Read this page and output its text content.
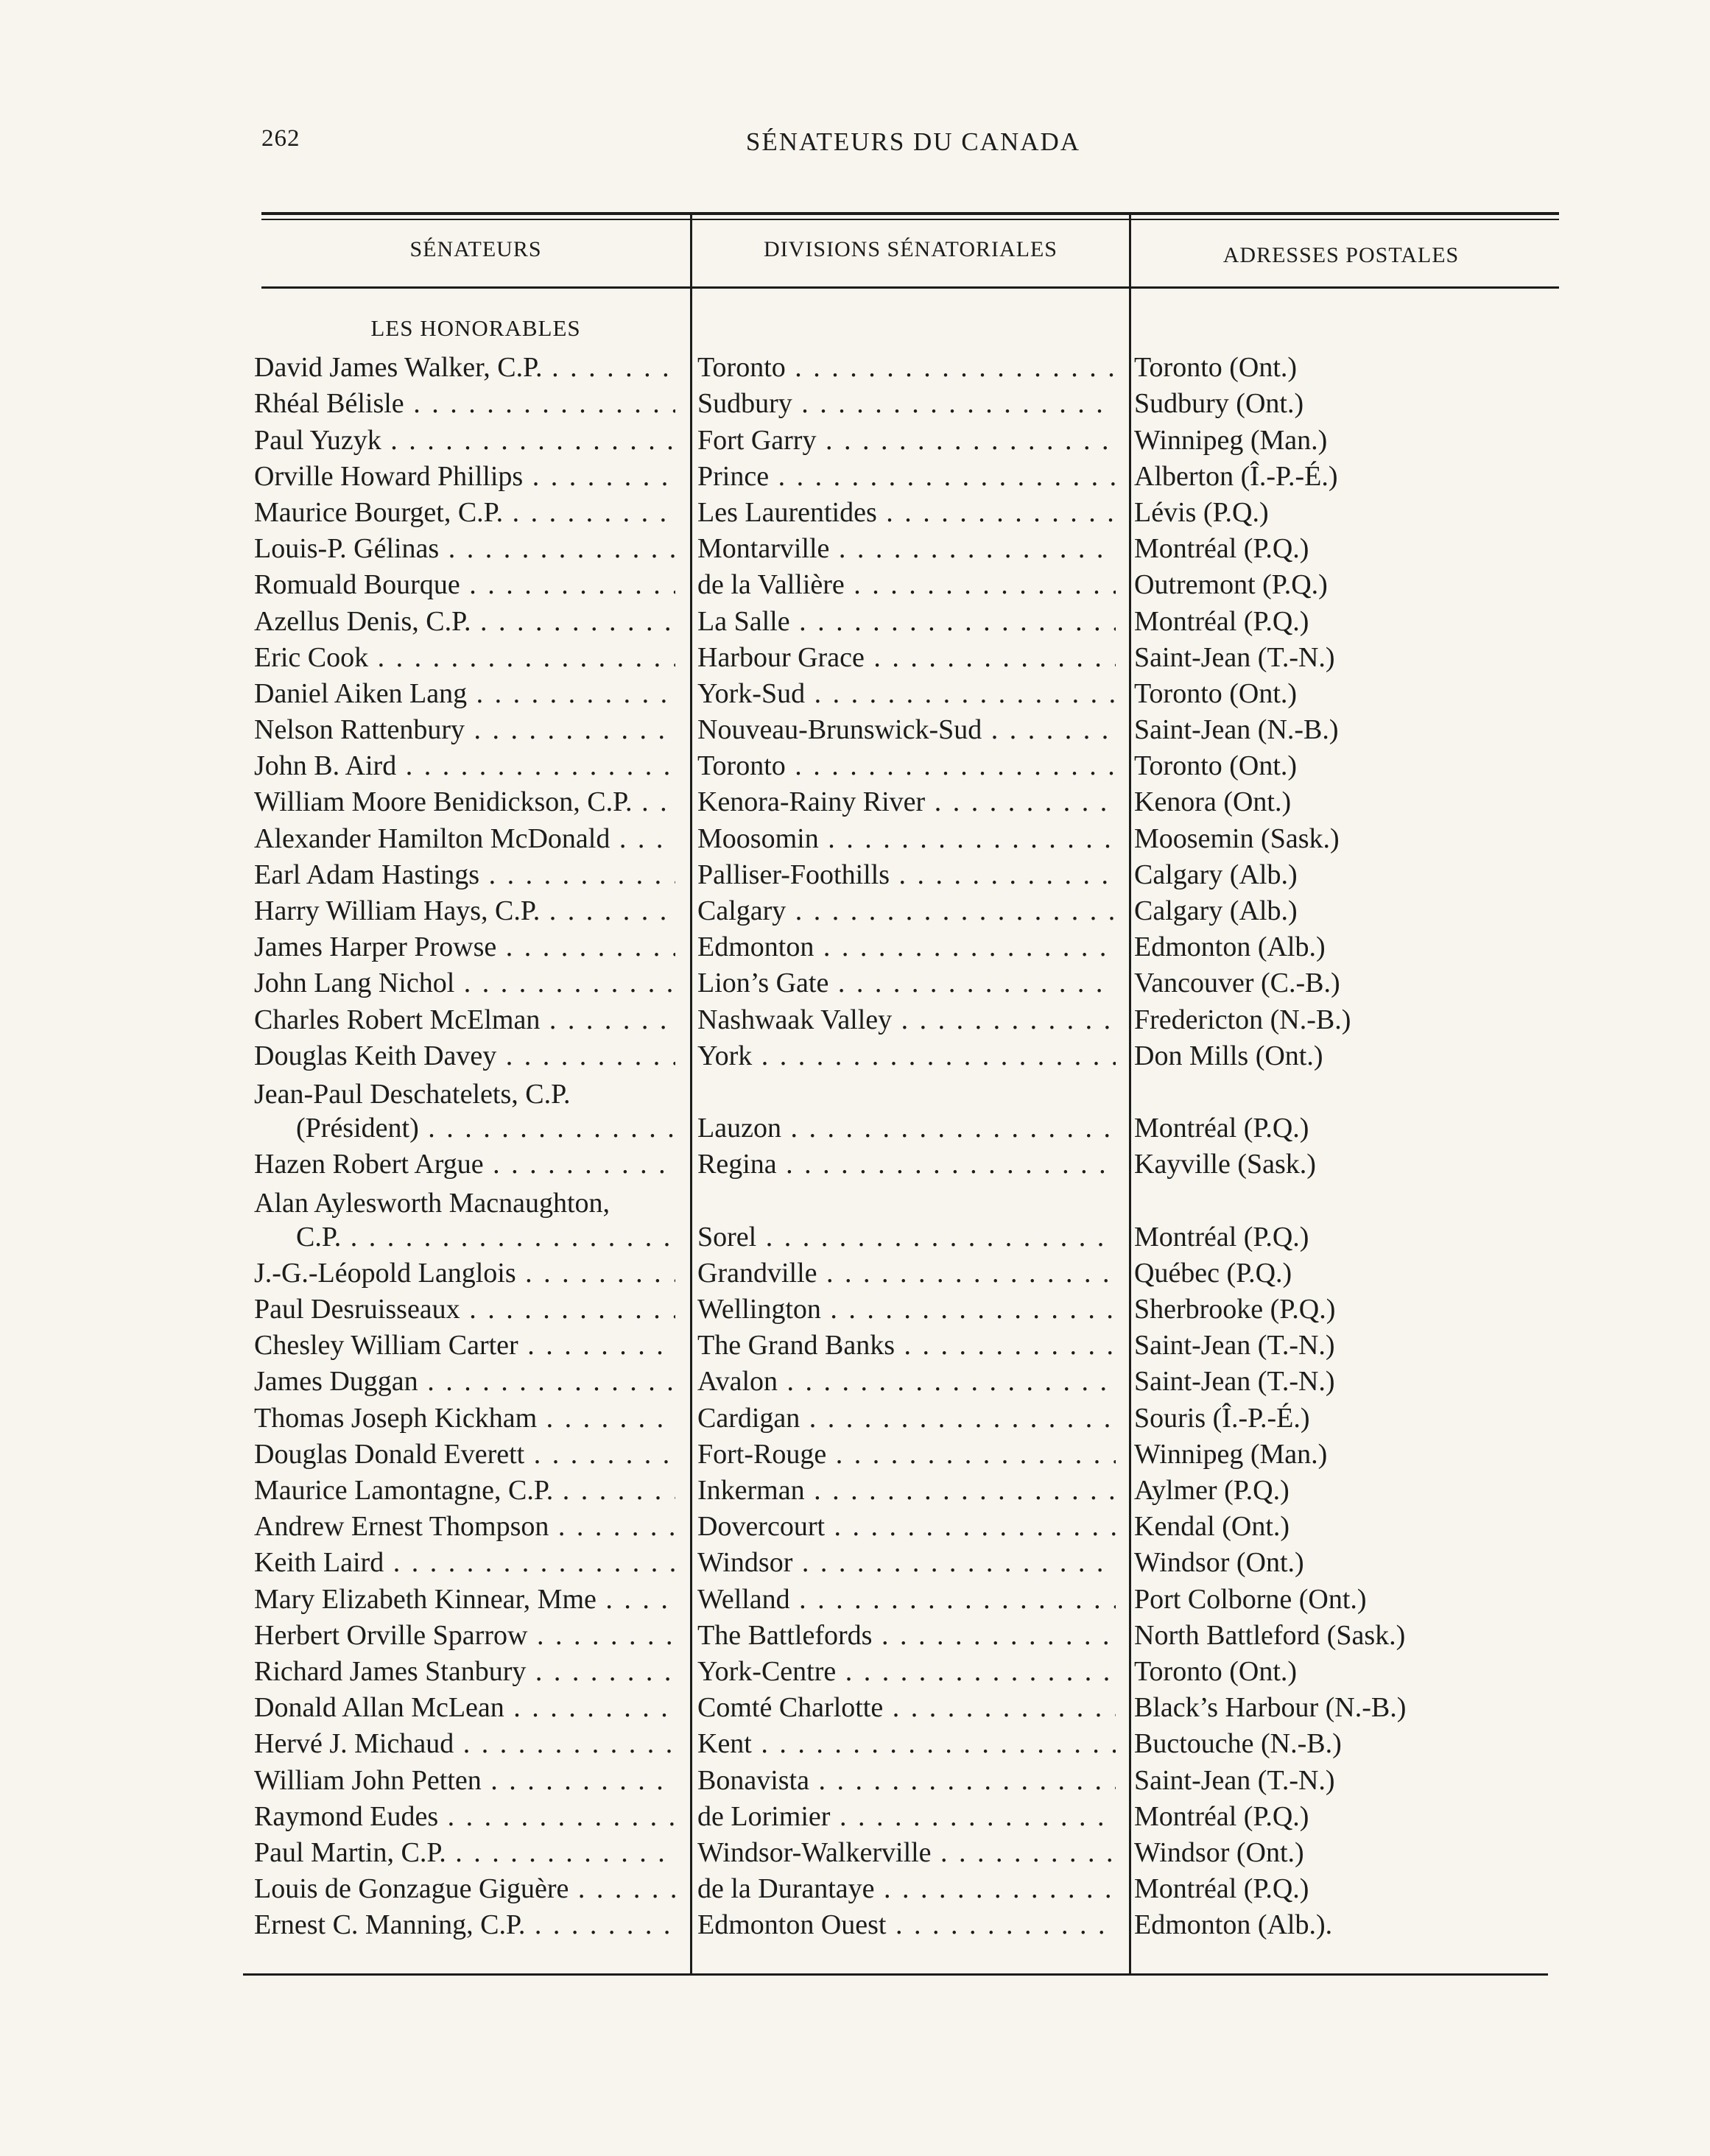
262	SÉNATEURS DU CANADA
SÉNATEURS	DIVISIONS SÉNATORIALES	ADRESSES POSTALES
LES HONORABLES
David James Walker, C.P. . . .	Toronto . . .	Toronto (Ont.)
Rhéal Bélisle . . .	Sudbury . . .	Sudbury (Ont.)
Paul Yuzyk . . .	Fort Garry . . .	Winnipeg (Man.)
Orville Howard Phillips . . .	Prince . . .	Alberton (Î.-P.-É.)
Maurice Bourget, C.P. . . .	Les Laurentides . . .	Lévis (P.Q.)
Louis-P. Gélinas . . .	Montarville . . .	Montréal (P.Q.)
Romuald Bourque . . .	de la Vallière . . .	Outremont (P.Q.)
Azellus Denis, C.P. . . .	La Salle . . .	Montréal (P.Q.)
Eric Cook . . .	Harbour Grace . . .	Saint-Jean (T.-N.)
Daniel Aiken Lang . . .	York-Sud . . .	Toronto (Ont.)
Nelson Rattenbury . . .	Nouveau-Brunswick-Sud . . .	Saint-Jean (N.-B.)
John B. Aird . . .	Toronto . . .	Toronto (Ont.)
William Moore Benidickson, C.P. . . .	Kenora-Rainy River . . .	Kenora (Ont.)
Alexander Hamilton McDonald . . .	Moosomin . . .	Moosemin (Sask.)
Earl Adam Hastings . . .	Palliser-Foothills . . .	Calgary (Alb.)
Harry William Hays, C.P. . . .	Calgary . . .	Calgary (Alb.)
James Harper Prowse . . .	Edmonton . . .	Edmonton (Alb.)
John Lang Nichol . . .	Lion’s Gate . . .	Vancouver (C.-B.)
Charles Robert McElman . . .	Nashwaak Valley . . .	Fredericton (N.-B.)
Douglas Keith Davey . . .	York . . .	Don Mills (Ont.)
Jean-Paul Deschatelets, C.P.
(Président) . . .	Lauzon . . .	Montréal (P.Q.)
Hazen Robert Argue . . .	Regina . . .	Kayville (Sask.)
Alan Aylesworth Macnaughton,
C.P. . . .	Sorel . . .	Montréal (P.Q.)
J.-G.-Léopold Langlois . . .	Grandville . . .	Québec (P.Q.)
Paul Desruisseaux . . .	Wellington . . .	Sherbrooke (P.Q.)
Chesley William Carter . . .	The Grand Banks . . .	Saint-Jean (T.-N.)
James Duggan . . .	Avalon . . .	Saint-Jean (T.-N.)
Thomas Joseph Kickham . . .	Cardigan . . .	Souris (Î.-P.-É.)
Douglas Donald Everett . . .	Fort-Rouge . . .	Winnipeg (Man.)
Maurice Lamontagne, C.P. . . .	Inkerman . . .	Aylmer (P.Q.)
Andrew Ernest Thompson . . .	Dovercourt . . .	Kendal (Ont.)
Keith Laird . . .	Windsor . . .	Windsor (Ont.)
Mary Elizabeth Kinnear, Mme . . .	Welland . . .	Port Colborne (Ont.)
Herbert Orville Sparrow . . .	The Battlefords . . .	North Battleford (Sask.)
Richard James Stanbury . . .	York-Centre . . .	Toronto (Ont.)
Donald Allan McLean . . .	Comté Charlotte . . .	Black’s Harbour (N.-B.)
Hervé J. Michaud . . .	Kent . . .	Buctouche (N.-B.)
William John Petten . . .	Bonavista . . .	Saint-Jean (T.-N.)
Raymond Eudes . . .	de Lorimier . . .	Montréal (P.Q.)
Paul Martin, C.P. . . .	Windsor-Walkerville . . .	Windsor (Ont.)
Louis de Gonzague Giguère . . .	de la Durantaye . . .	Montréal (P.Q.)
Ernest C. Manning, C.P. . . .	Edmonton Ouest . . .	Edmonton (Alb.).
